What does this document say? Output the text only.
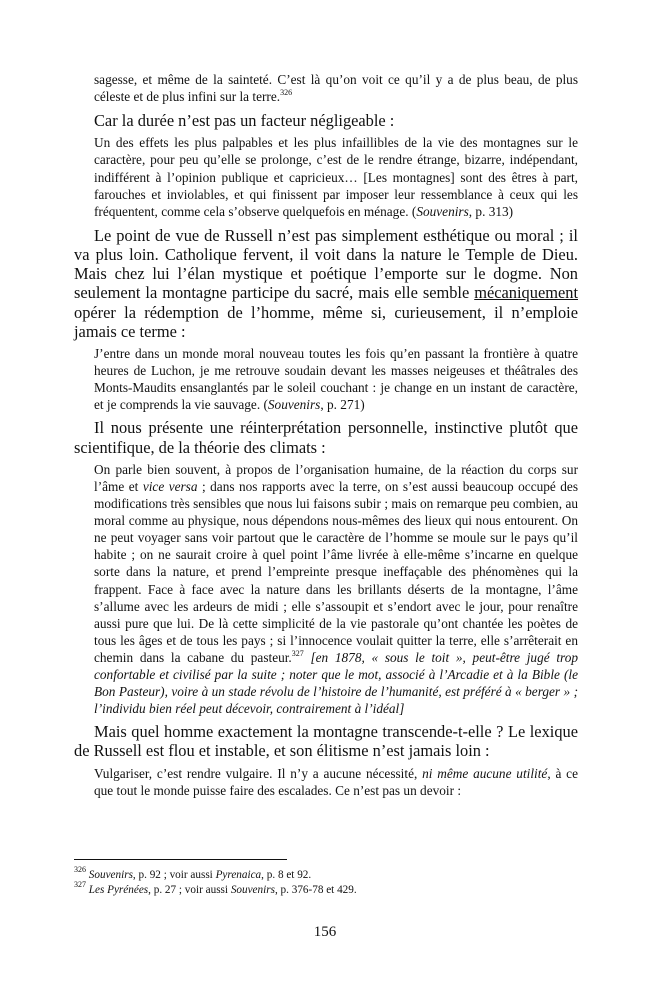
sagesse, et même de la sainteté. C’est là qu’on voit ce qu’il y a de plus beau, de plus céleste et de plus infini sur la terre.$^{326}$

Car la durée n’est pas un facteur négligeable :

Un des effets les plus palpables et les plus infaillibles de la vie des montagnes sur le caractère, pour peu qu’elle se prolonge, c’est de le rendre étrange, bizarre, indépendant, indifférent à l’opinion publique et capricieux… [Les montagnes] sont des êtres à part, farouches et inviolables, et qui finissent par imposer leur ressemblance à ceux qui les fréquentent, comme cela s’observe quelquefois en ménage. (Souvenirs, p. 313)

Le point de vue de Russell n’est pas simplement esthétique ou moral ; il va plus loin. Catholique fervent, il voit dans la nature le Temple de Dieu. Mais chez lui l’élan mystique et poétique l’emporte sur le dogme. Non seulement la montagne participe du sacré, mais elle semble mécaniquement opérer la rédemption de l’homme, même si, curieusement, il n’emploie jamais ce terme :

J’entre dans un monde moral nouveau toutes les fois qu’en passant la frontière à quatre heures de Luchon, je me retrouve soudain devant les masses neigeuses et théâtrales des Monts-Maudits ensanglantés par le soleil couchant : je change en un instant de caractère, et je comprends la vie sauvage. (Souvenirs, p. 271)

Il nous présente une réinterprétation personnelle, instinctive plutôt que scientifique, de la théorie des climats :

On parle bien souvent, à propos de l’organisation humaine, de la réaction du corps sur l’âme et vice versa ; dans nos rapports avec la terre, on s’est aussi beaucoup occupé des modifications très sensibles que nous lui faisons subir ; mais on remarque peu combien, au moral comme au physique, nous dépendons nous-mêmes des lieux qui nous entourent. On ne peut voyager sans voir partout que le caractère de l’homme se moule sur le pays qu’il habite ; on ne saurait croire à quel point l’âme livrée à elle-même s’incarne en quelque sorte dans la nature, et prend l’empreinte presque ineffaçable des phénomènes qui la frappent. Face à face avec la nature dans les brillants déserts de la montagne, l’âme s’allume avec les ardeurs de midi ; elle s’assoupit et s’endort avec le jour, pour renaître aussi pure que lui. De là cette simplicité de la vie pastorale qu’ont chantée les poètes de tous les âges et de tous les pays ; si l’innocence voulait quitter la terre, elle s’arrêterait en chemin dans la cabane du pasteur.$^{327}$ [en 1878, « sous le toit », peut-être jugé trop confortable et civilisé par la suite ; noter que le mot, associé à l’Arcadie et à la Bible (le Bon Pasteur), voire à un stade révolu de l’histoire de l’humanité, est préféré à « berger » ; l’individu bien réel peut décevoir, contrairement à l’idéal]

Mais quel homme exactement la montagne transcende-t-elle ? Le lexique de Russell est flou et instable, et son élitisme n’est jamais loin :

Vulgariser, c’est rendre vulgaire. Il n’y a aucune nécessité, ni même aucune utilité, à ce que tout le monde puisse faire des escalades. Ce n’est pas un devoir :

$^{326}$ Souvenirs, p. 92 ; voir aussi Pyrenaica, p. 8 et 92.

$^{327}$ Les Pyrénées, p. 27 ; voir aussi Souvenirs, p. 376-78 et 429.

156
